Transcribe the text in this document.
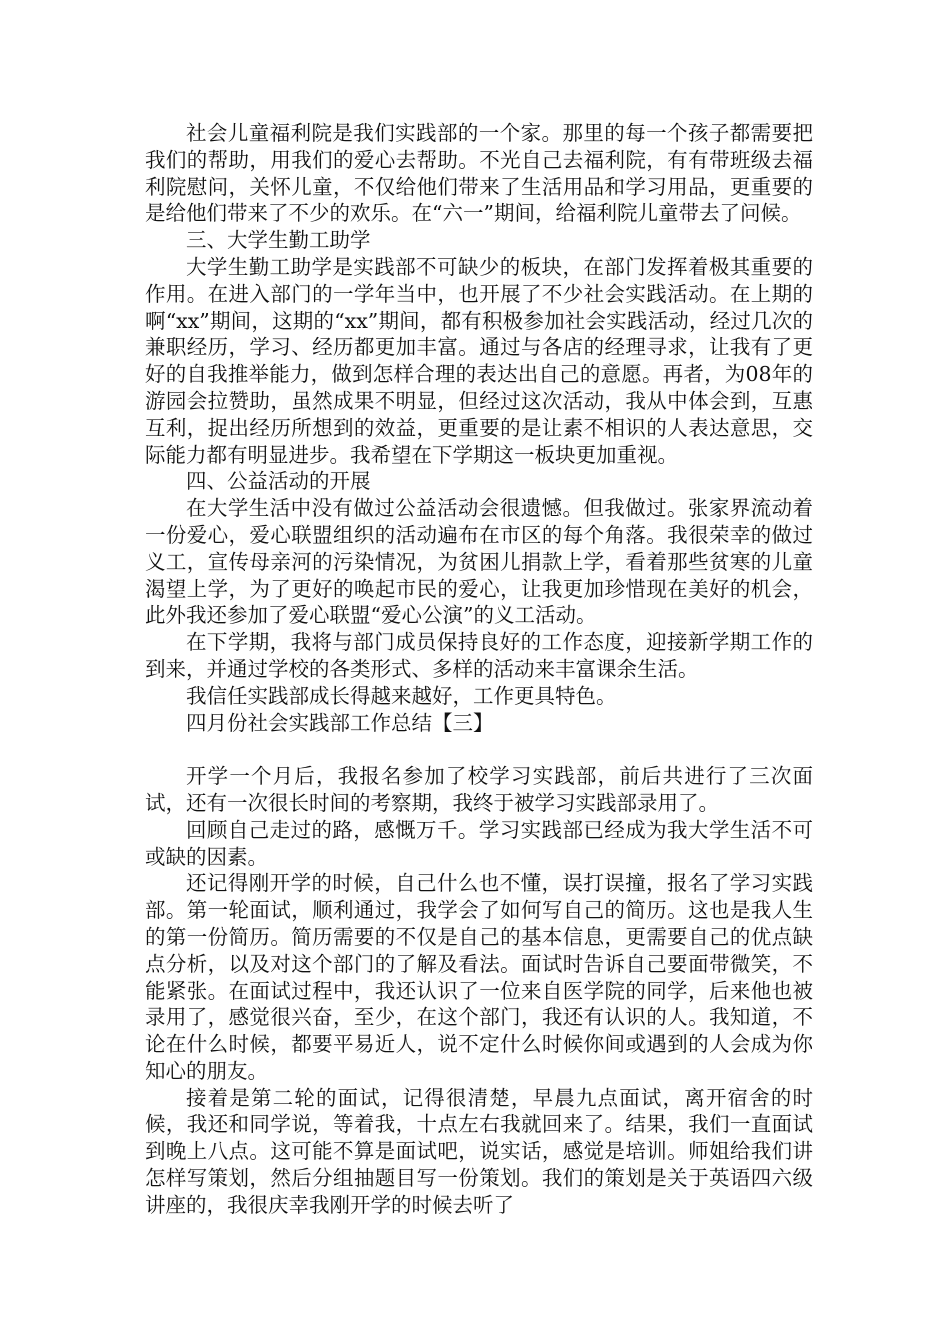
社会儿童福利院是我们实践部的一个家。那里的每一个孩子都需要把我们的帮助，用我们的爱心去帮助。不光自己去福利院，有有带班级去福利院慰问，关怀儿童，不仅给他们带来了生活用品和学习用品，更重要的是给他们带来了不少的欢乐。在“六一”期间，给福利院儿童带去了问候。

三、大学生勤工助学

大学生勤工助学是实践部不可缺少的板块，在部门发挥着极其重要的作用。在进入部门的一学年当中，也开展了不少社会实践活动。在上期的啊“xx”期间，这期的“xx”期间，都有积极参加社会实践活动，经过几次的兼职经历，学习、经历都更加丰富。通过与各店的经理寻求，让我有了更好的自我推举能力，做到怎样合理的表达出自己的意愿。再者，为08年的游园会拉赞助，虽然成果不明显，但经过这次活动，我从中体会到，互惠互利，捉出经历所想到的效益，更重要的是让素不相识的人表达意思，交际能力都有明显进步。我希望在下学期这一板块更加重视。

四、公益活动的开展

在大学生活中没有做过公益活动会很遗憾。但我做过。张家界流动着一份爱心，爱心联盟组织的活动遍布在市区的每个角落。我很荣幸的做过义工，宣传母亲河的污染情况，为贫困儿捐款上学，看着那些贫寒的儿童渴望上学，为了更好的唤起市民的爱心，让我更加珍惜现在美好的机会，此外我还参加了爱心联盟“爱心公演”的义工活动。

在下学期，我将与部门成员保持良好的工作态度，迎接新学期工作的到来，并通过学校的各类形式、多样的活动来丰富课余生活。

我信任实践部成长得越来越好，工作更具特色。

四月份社会实践部工作总结【三】

开学一个月后，我报名参加了校学习实践部，前后共进行了三次面试，还有一次很长时间的考察期，我终于被学习实践部录用了。

回顾自己走过的路，感慨万千。学习实践部已经成为我大学生活不可或缺的因素。

还记得刚开学的时候，自己什么也不懂，误打误撞，报名了学习实践部。第一轮面试，顺利通过，我学会了如何写自己的简历。这也是我人生的第一份简历。简历需要的不仅是自己的基本信息，更需要自己的优点缺点分析，以及对这个部门的了解及看法。面试时告诉自己要面带微笑，不能紧张。在面试过程中，我还认识了一位来自医学院的同学，后来他也被录用了，感觉很兴奋，至少，在这个部门，我还有认识的人。我知道，不论在什么时候，都要平易近人，说不定什么时候你间或遇到的人会成为你知心的朋友。

接着是第二轮的面试，记得很清楚，早晨九点面试，离开宿舍的时候，我还和同学说，等着我，十点左右我就回来了。结果，我们一直面试到晚上八点。这可能不算是面试吧，说实话，感觉是培训。师姐给我们讲怎样写策划，然后分组抽题目写一份策划。我们的策划是关于英语四六级讲座的，我很庆幸我刚开学的时候去听了
